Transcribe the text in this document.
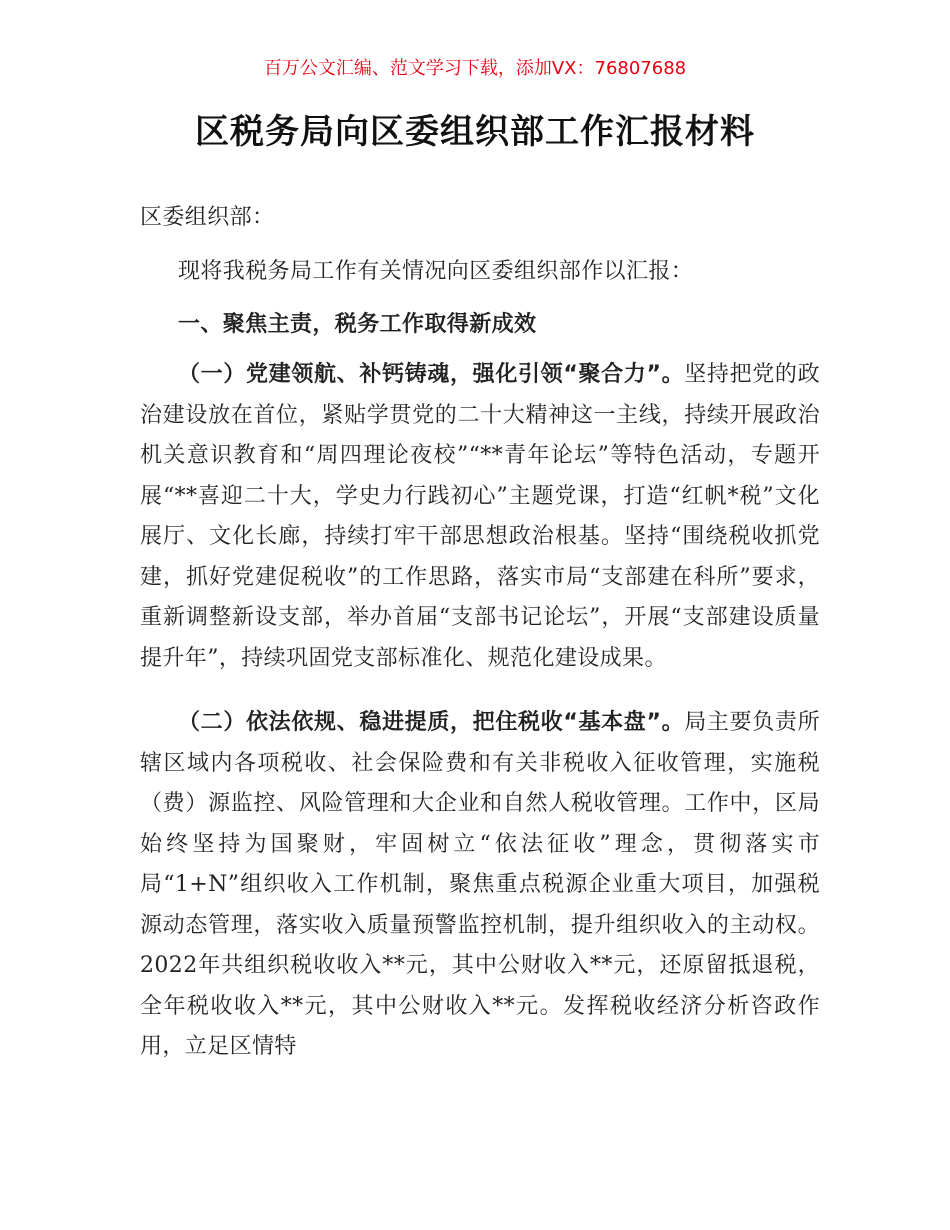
百万公文汇编、范文学习下载，添加VX：76807688
区税务局向区委组织部工作汇报材料
区委组织部：
现将我税务局工作有关情况向区委组织部作以汇报：
一、聚焦主责，税务工作取得新成效
（一）党建领航、补钙铸魂，强化引领“聚合力”。坚持把党的政治建设放在首位，紧贴学贯党的二十大精神这一主线，持续开展政治机关意识教育和“周四理论夜校”“**青年论坛”等特色活动，专题开展“**喜迎二十大，学史力行践初心”主题党课，打造“红帆*税”文化展厅、文化长廊，持续打牢干部思想政治根基。坚持“围绕税收抓党建，抓好党建促税收”的工作思路，落实市局“支部建在科所”要求，重新调整新设支部，举办首届“支部书记论坛”，开展“支部建设质量提升年”，持续巩固党支部标准化、规范化建设成果。
（二）依法依规、稳进提质，把住税收“基本盘”。局主要负责所辖区域内各项税收、社会保险费和有关非税收入征收管理，实施税（费）源监控、风险管理和大企业和自然人税收管理。工作中，区局始终坚持为国聚财，牢固树立“依法征收”理念，贯彻落实市局“1+N”组织收入工作机制，聚焦重点税源企业重大项目，加强税源动态管理，落实收入质量预警监控机制，提升组织收入的主动权。2022年共组织税收收入**元，其中公财收入**元，还原留抵退税，全年税收收入**元，其中公财收入**元。发挥税收经济分析咨政作用，立足区情特
